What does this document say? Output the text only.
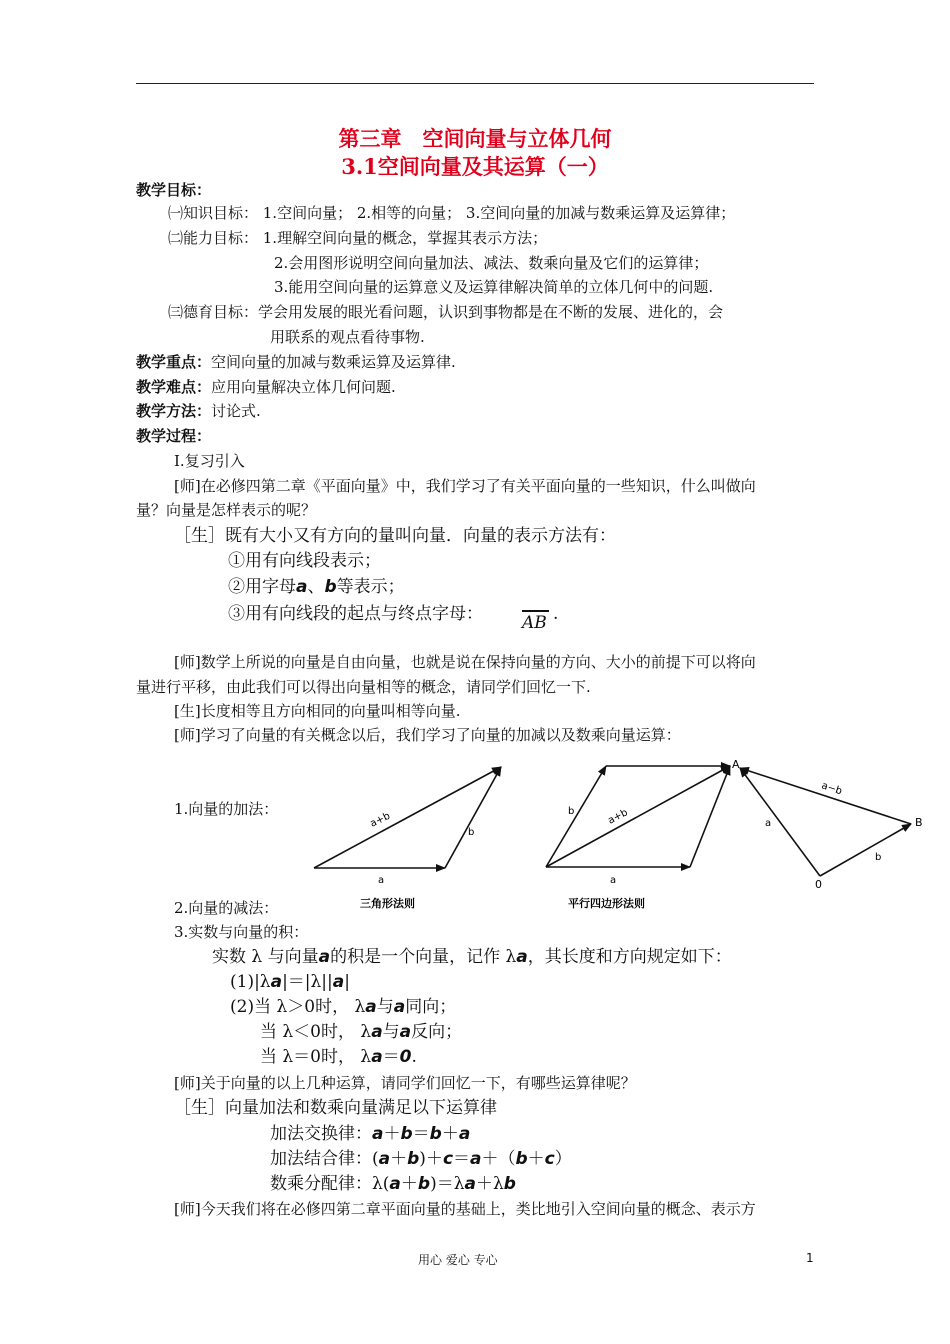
第三章　空间向量与立体几何
3.1空间向量及其运算（一）
教学目标：
㈠知识目标： 1.空间向量； 2.相等的向量； 3.空间向量的加减与数乘运算及运算律；
㈡能力目标： 1.理解空间向量的概念，掌握其表示方法；
2.会用图形说明空间向量加法、减法、数乘向量及它们的运算律；
3.能用空间向量的运算意义及运算律解决简单的立体几何中的问题.
㈢德育目标：学会用发展的眼光看问题，认识到事物都是在不断的发展、进化的，会
用联系的观点看待事物.
教学重点：空间向量的加减与数乘运算及运算律.
教学难点：应用向量解决立体几何问题.
教学方法：讨论式.
教学过程：
Ⅰ.复习引入
[师]在必修四第二章《平面向量》中，我们学习了有关平面向量的一些知识，什么叫做向
量？向量是怎样表示的呢？
［生］既有大小又有方向的量叫向量．向量的表示方法有：
①用有向线段表示；
②用字母a、b等表示；
③用有向线段的起点与终点字母： AB .
[师]数学上所说的向量是自由向量，也就是说在保持向量的方向、大小的前提下可以将向
量进行平移，由此我们可以得出向量相等的概念，请同学们回忆一下.
[生]长度相等且方向相同的向量叫相等向量.
[师]学习了向量的有关概念以后，我们学习了向量的加减以及数乘向量运算：
1.向量的加法：
a+b
b
a
三角形法则
b	a+b
a
平行四边形法则
A
B
0
a−b
a
b
2.向量的减法：
3.实数与向量的积：
实数 λ 与向量a的积是一个向量，记作 λa，其长度和方向规定如下：
(1)|λa|＝|λ||a|
(2)当 λ＞0时， λa与a同向；
当 λ＜0时， λa与a反向；
当 λ＝0时， λa＝0.
[师]关于向量的以上几种运算，请同学们回忆一下，有哪些运算律呢？
［生］向量加法和数乘向量满足以下运算律
加法交换律：a＋b＝b＋a
加法结合律：(a＋b)＋c＝a＋（b＋c）
数乘分配律：λ(a＋b)＝λa＋λb
[师]今天我们将在必修四第二章平面向量的基础上，类比地引入空间向量的概念、表示方
用心 爱心 专心	1
